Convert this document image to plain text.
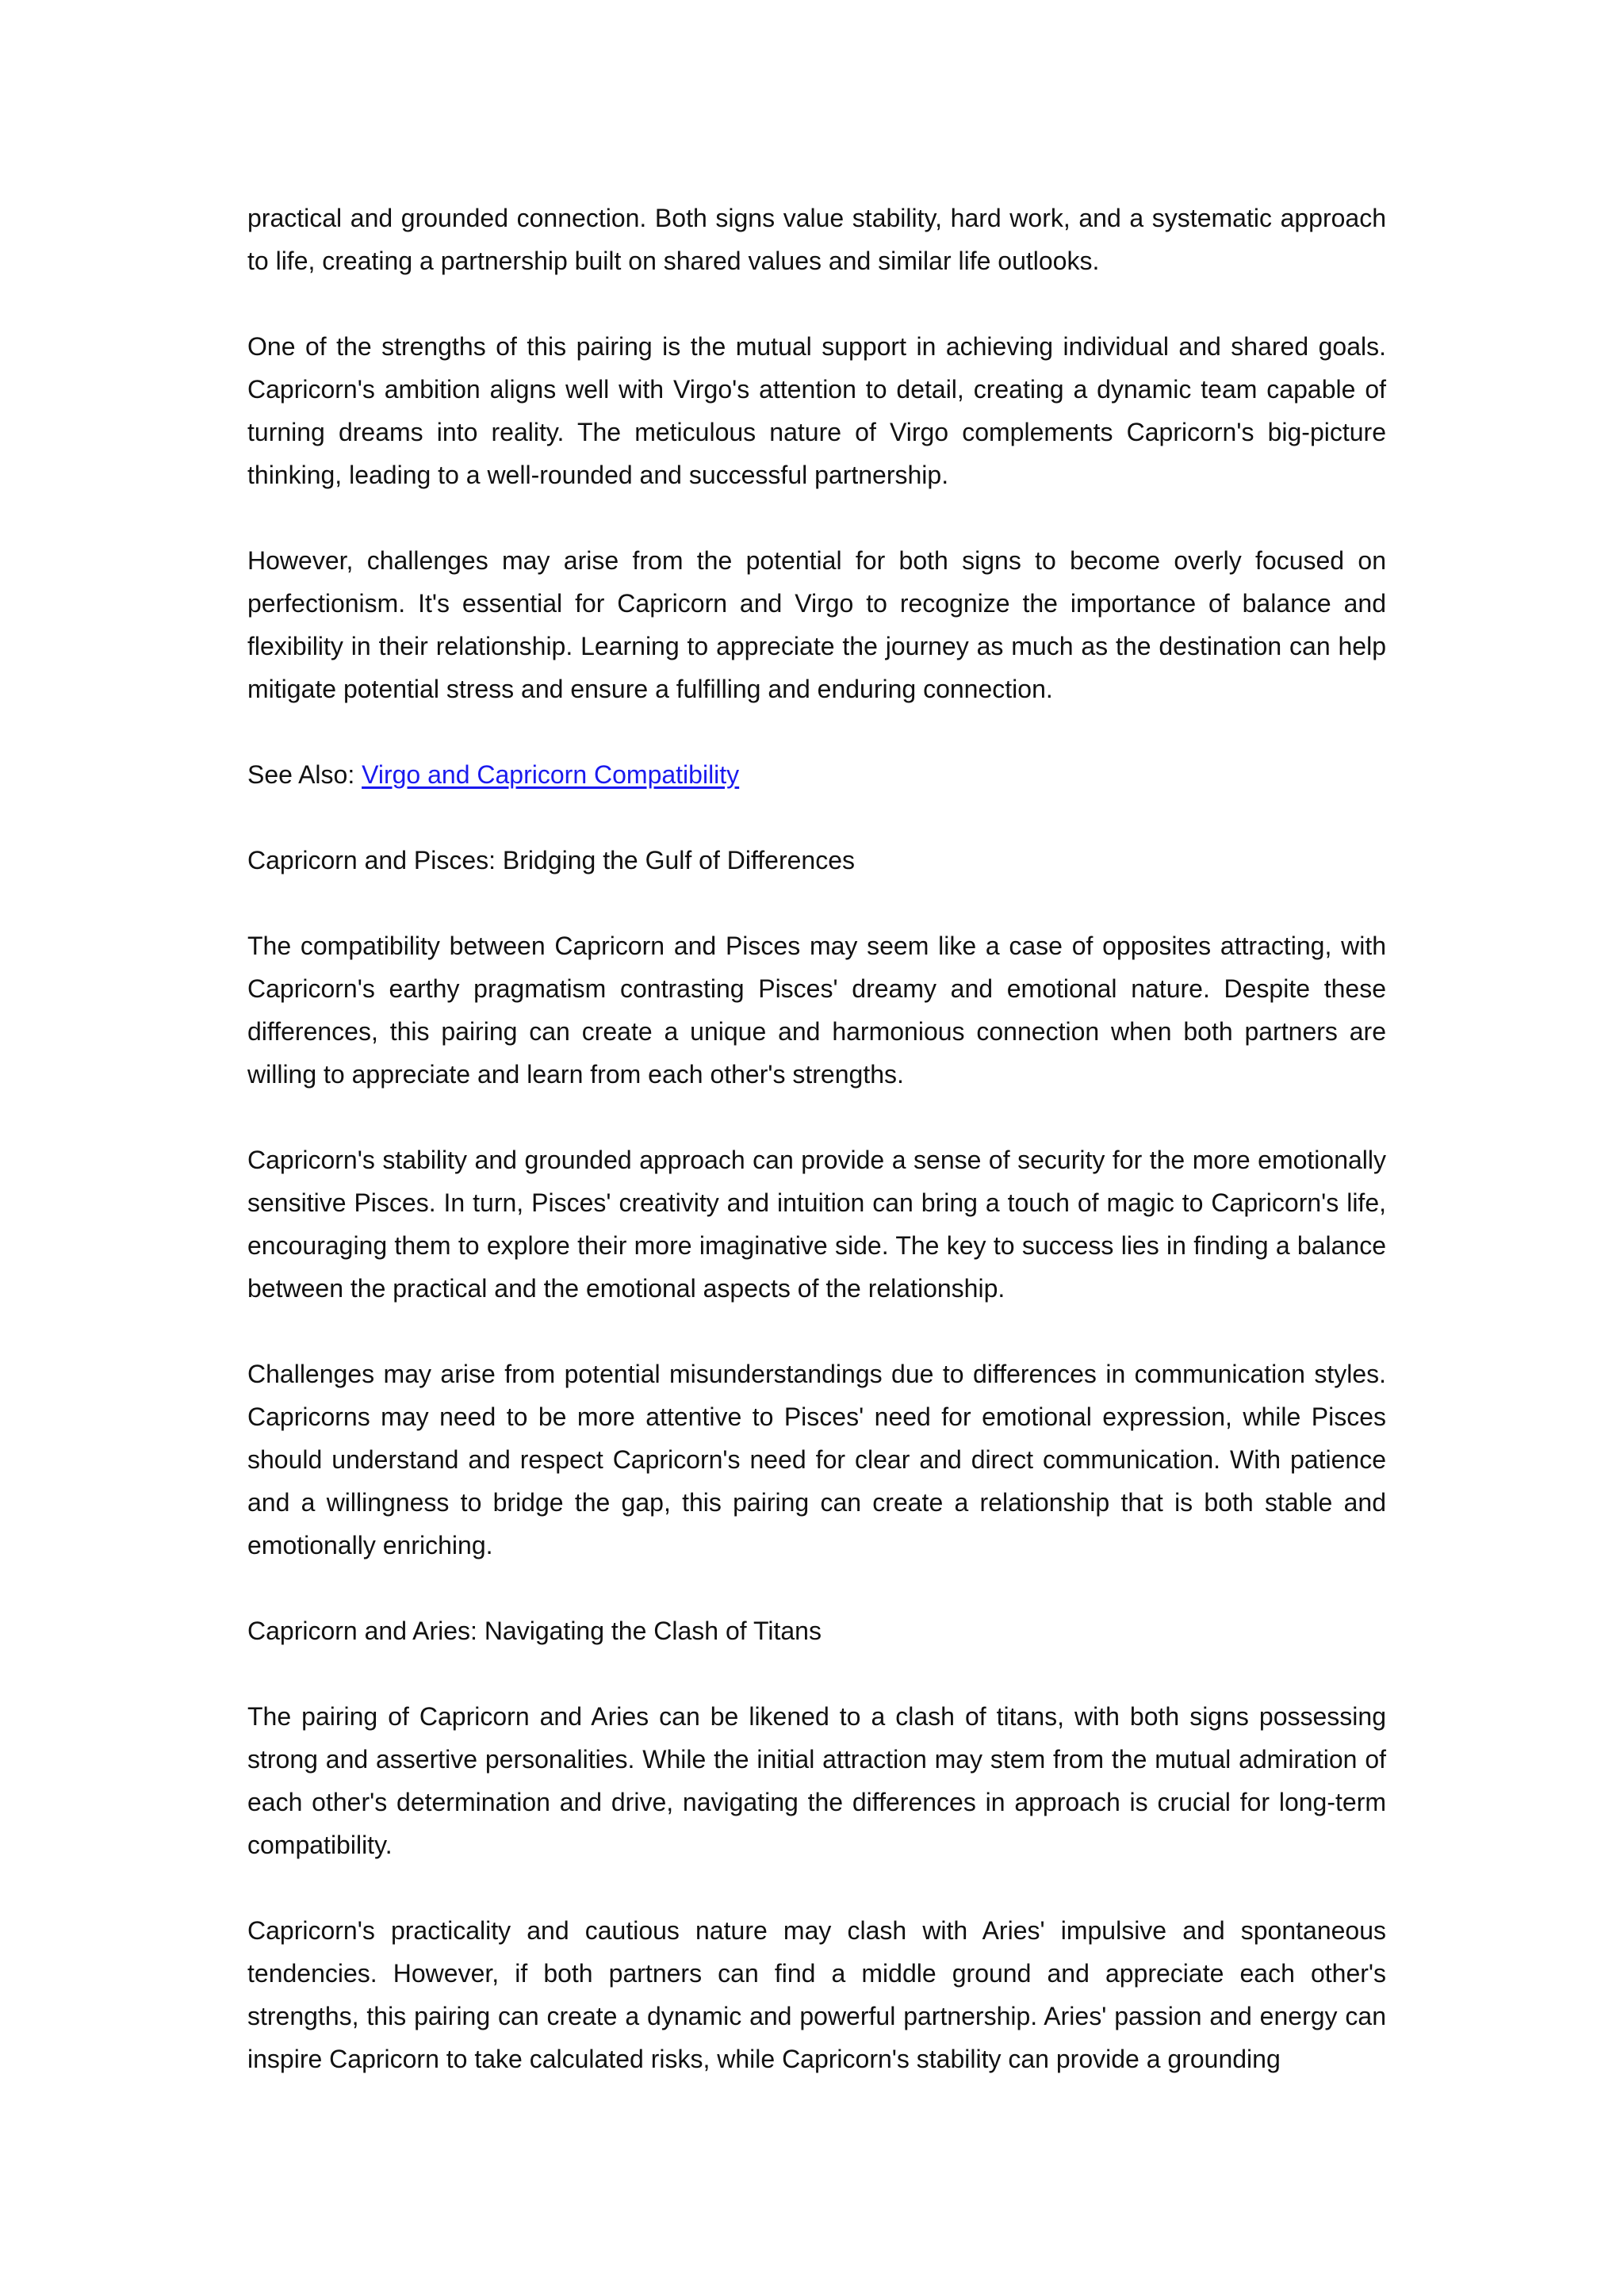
practical and grounded connection. Both signs value stability, hard work, and a systematic approach to life, creating a partnership built on shared values and similar life outlooks.

One of the strengths of this pairing is the mutual support in achieving individual and shared goals. Capricorn's ambition aligns well with Virgo's attention to detail, creating a dynamic team capable of turning dreams into reality. The meticulous nature of Virgo complements Capricorn's big-picture thinking, leading to a well-rounded and successful partnership.

However, challenges may arise from the potential for both signs to become overly focused on perfectionism. It's essential for Capricorn and Virgo to recognize the importance of balance and flexibility in their relationship. Learning to appreciate the journey as much as the destination can help mitigate potential stress and ensure a fulfilling and enduring connection.

See Also: Virgo and Capricorn Compatibility

Capricorn and Pisces: Bridging the Gulf of Differences

The compatibility between Capricorn and Pisces may seem like a case of opposites attracting, with Capricorn's earthy pragmatism contrasting Pisces' dreamy and emotional nature. Despite these differences, this pairing can create a unique and harmonious connection when both partners are willing to appreciate and learn from each other's strengths.

Capricorn's stability and grounded approach can provide a sense of security for the more emotionally sensitive Pisces. In turn, Pisces' creativity and intuition can bring a touch of magic to Capricorn's life, encouraging them to explore their more imaginative side. The key to success lies in finding a balance between the practical and the emotional aspects of the relationship.

Challenges may arise from potential misunderstandings due to differences in communication styles. Capricorns may need to be more attentive to Pisces' need for emotional expression, while Pisces should understand and respect Capricorn's need for clear and direct communication. With patience and a willingness to bridge the gap, this pairing can create a relationship that is both stable and emotionally enriching.

Capricorn and Aries: Navigating the Clash of Titans

The pairing of Capricorn and Aries can be likened to a clash of titans, with both signs possessing strong and assertive personalities. While the initial attraction may stem from the mutual admiration of each other's determination and drive, navigating the differences in approach is crucial for long-term compatibility.

Capricorn's practicality and cautious nature may clash with Aries' impulsive and spontaneous tendencies. However, if both partners can find a middle ground and appreciate each other's strengths, this pairing can create a dynamic and powerful partnership. Aries' passion and energy can inspire Capricorn to take calculated risks, while Capricorn's stability can provide a grounding
